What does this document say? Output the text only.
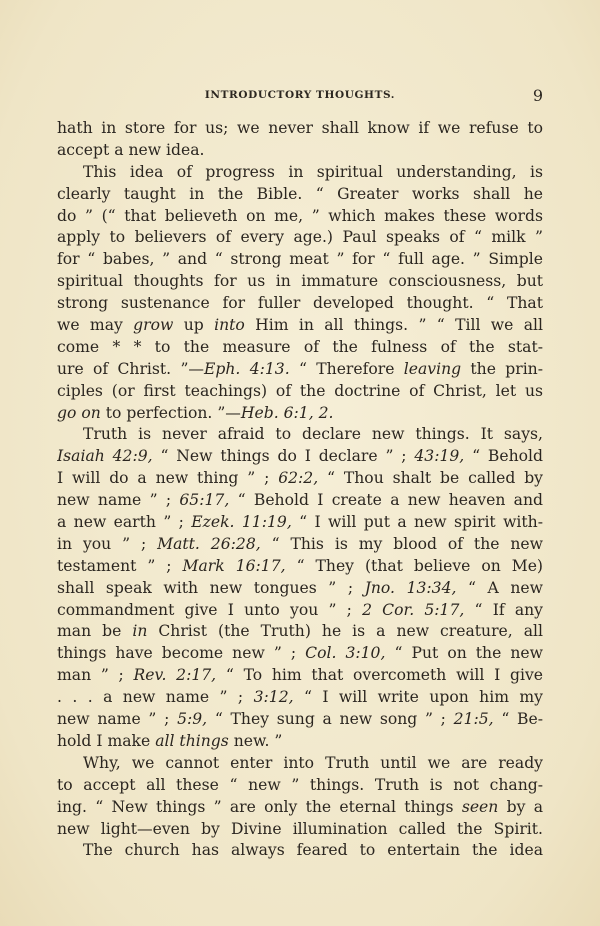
INTRODUCTORY THOUGHTS.	9
hath in store for us; we never shall know if we refuse to
accept a new idea.
This idea of progress in spiritual understanding, is
clearly taught in the Bible. “ Greater works shall he
do ” (“ that believeth on me, ” which makes these words
apply to believers of every age.) Paul speaks of “ milk ”
for “ babes, ” and “ strong meat ” for “ full age. ” Simple
spiritual thoughts for us in immature consciousness, but
strong sustenance for fuller developed thought. “ That
we may grow up into Him in all things. ” “ Till we all
come * * to the measure of the fulness of the stat-
ure of Christ. ”—Eph. 4:13. “ Therefore leaving the prin-
ciples (or first teachings) of the doctrine of Christ, let us
go on to perfection. ”—Heb. 6:1, 2.
Truth is never afraid to declare new things. It says,
Isaiah 42:9, “ New things do I declare ” ; 43:19, “ Behold
I will do a new thing ” ; 62:2, “ Thou shalt be called by
new name ” ; 65:17, “ Behold I create a new heaven and
a new earth ” ; Ezek. 11:19, “ I will put a new spirit with-
in you ” ; Matt. 26:28, “ This is my blood of the new
testament ” ; Mark 16:17, “ They (that believe on Me)
shall speak with new tongues ” ; Jno. 13:34, “ A new
commandment give I unto you ” ; 2 Cor. 5:17, “ If any
man be in Christ (the Truth) he is a new creature, all
things have become new ” ; Col. 3:10, “ Put on the new
man ” ; Rev. 2:17, “ To him that overcometh will I give
. . . a new name ” ; 3:12, “ I will write upon him my
new name ” ; 5:9, “ They sung a new song ” ; 21:5, “ Be-
hold I make all things new. ”
Why, we cannot enter into Truth until we are ready
to accept all these “ new ” things. Truth is not chang-
ing. “ New things ” are only the eternal things seen by a
new light—even by Divine illumination called the Spirit.
The church has always feared to entertain the idea
